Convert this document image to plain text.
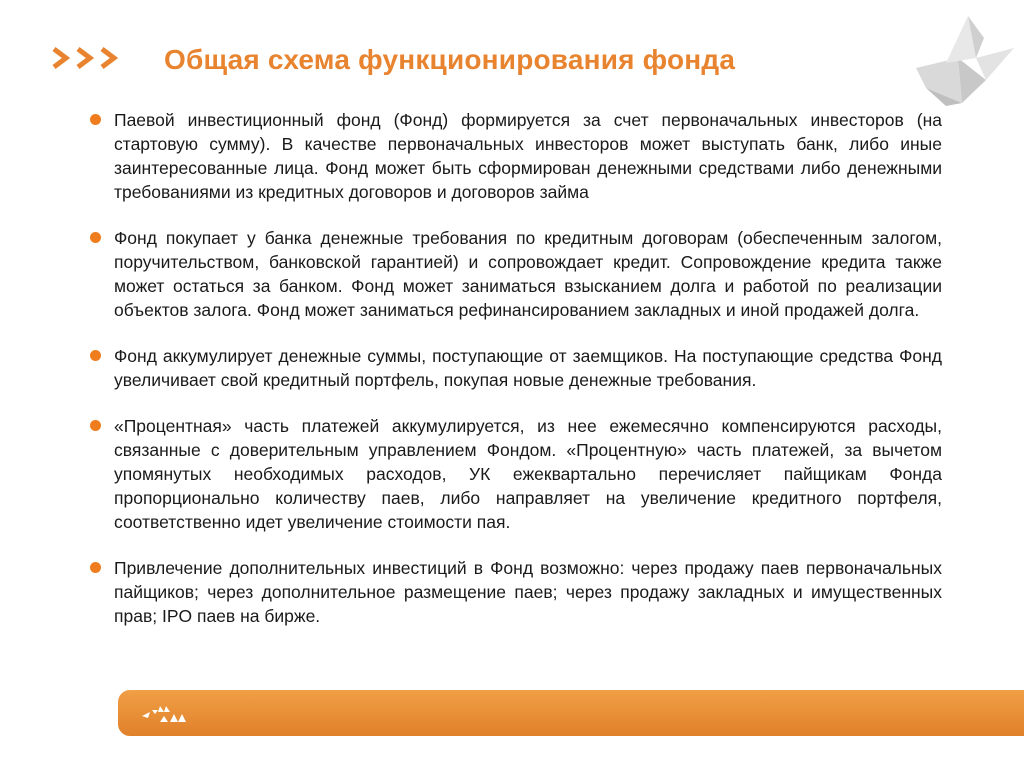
Общая схема функционирования фонда

Паевой инвестиционный фонд (Фонд) формируется за счет первоначальных инвесторов (на стартовую сумму). В качестве первоначальных инвесторов может выступать банк, либо иные заинтересованные лица. Фонд может быть сформирован денежными средствами либо денежными требованиями из кредитных договоров и договоров займа

Фонд покупает у банка денежные требования по кредитным договорам (обеспеченным залогом, поручительством, банковской гарантией) и сопровождает кредит. Сопровождение кредита также может остаться за банком. Фонд может заниматься взысканием долга и работой по реализации объектов залога. Фонд может заниматься рефинансированием закладных и иной продажей долга.

Фонд аккумулирует денежные суммы, поступающие от заемщиков. На поступающие средства Фонд увеличивает свой кредитный портфель, покупая новые денежные требования.

«Процентная» часть платежей аккумулируется, из нее ежемесячно компенсируются расходы, связанные с доверительным управлением Фондом. «Процентную» часть платежей, за вычетом упомянутых необходимых расходов, УК ежеквартально перечисляет пайщикам Фонда пропорционально количеству паев, либо направляет на увеличение кредитного портфеля, соответственно идет увеличение стоимости пая.

Привлечение дополнительных инвестиций в Фонд возможно: через продажу паев первоначальных пайщиков; через дополнительное размещение паев; через продажу закладных и имущественных прав; IPO паев на бирже.
